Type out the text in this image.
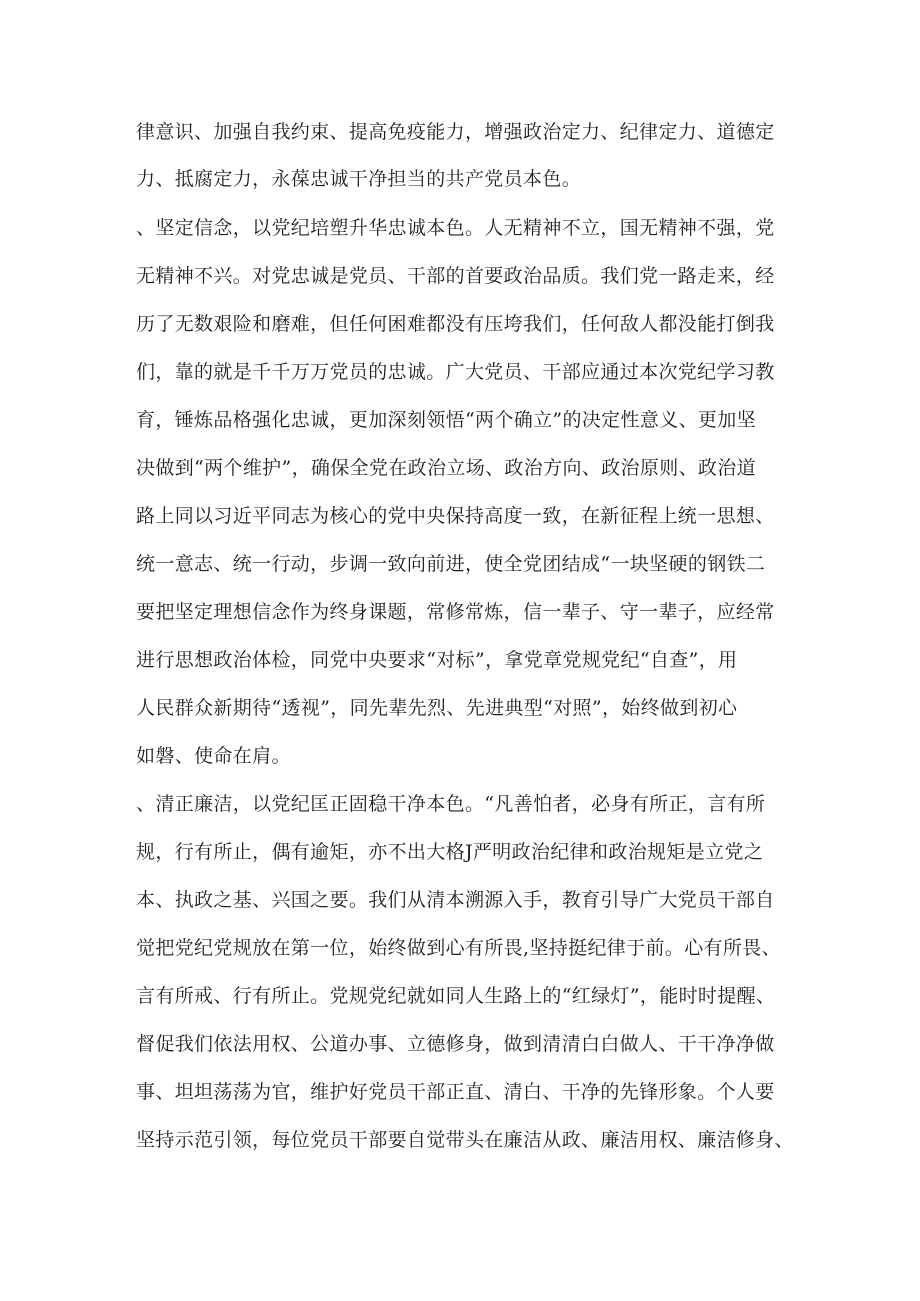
律意识、加强自我约束、提高免疫能力，增强政治定力、纪律定力、道德定
力、抵腐定力，永葆忠诚干净担当的共产党员本色。
、坚定信念，以党纪培塑升华忠诚本色。人无精神不立，国无精神不强，党
无精神不兴。对党忠诚是党员、干部的首要政治品质。我们党一路走来，经
历了无数艰险和磨难，但任何困难都没有压垮我们，任何敌人都没能打倒我
们，靠的就是千千万万党员的忠诚。广大党员、干部应通过本次党纪学习教
育，锤炼品格强化忠诚，更加深刻领悟“两个确立”的决定性意义、更加坚
决做到“两个维护”，确保全党在政治立场、政治方向、政治原则、政治道
路上同以习近平同志为核心的党中央保持高度一致，在新征程上统一思想、
统一意志、统一行动，步调一致向前进，使全党团结成“一块坚硬的钢铁二
要把坚定理想信念作为终身课题，常修常炼，信一辈子、守一辈子，应经常
进行思想政治体检，同党中央要求“对标”，拿党章党规党纪“自查”，用
人民群众新期待“透视”，同先辈先烈、先进典型“对照”，始终做到初心
如磐、使命在肩。
、清正廉洁，以党纪匡正固稳干净本色。“凡善怕者，必身有所正，言有所
规，行有所止，偶有逾矩，亦不出大格J严明政治纪律和政治规矩是立党之
本、执政之基、兴国之要。我们从清本溯源入手，教育引导广大党员干部自
觉把党纪党规放在第一位，始终做到心有所畏,坚持挺纪律于前。心有所畏、
言有所戒、行有所止。党规党纪就如同人生路上的“红绿灯”，能时时提醒、
督促我们依法用权、公道办事、立德修身，做到清清白白做人、干干净净做
事、坦坦荡荡为官，维护好党员干部正直、清白、干净的先锋形象。个人要
坚持示范引领，每位党员干部要自觉带头在廉洁从政、廉洁用权、廉洁修身、
